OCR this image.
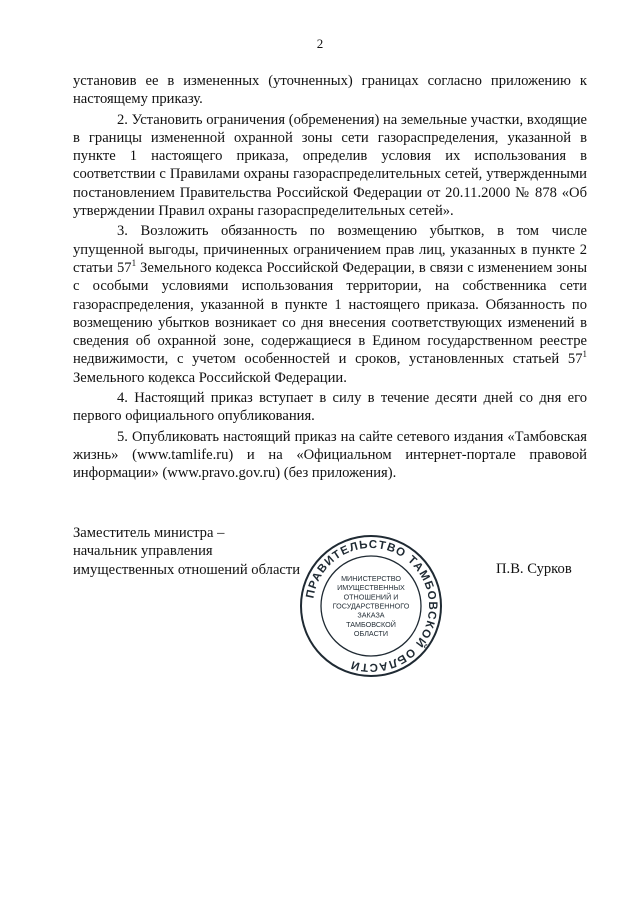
2

установив ее в измененных (уточненных) границах согласно приложению к настоящему приказу.

2. Установить ограничения (обременения) на земельные участки, входящие в границы измененной охранной зоны сети газораспределения, указанной в пункте 1 настоящего приказа, определив условия их использования в соответствии с Правилами охраны газораспределительных сетей, утвержденными постановлением Правительства Российской Федерации от 20.11.2000 № 878 «Об утверждении Правил охраны газораспределительных сетей».

3. Возложить обязанность по возмещению убытков, в том числе упущенной выгоды, причиненных ограничением прав лиц, указанных в пункте 2 статьи $57^1$ Земельного кодекса Российской Федерации, в связи с изменением зоны с особыми условиями использования территории, на собственника сети газораспределения, указанной в пункте 1 настоящего приказа. Обязанность по возмещению убытков возникает со дня внесения соответствующих изменений в сведения об охранной зоне, содержащиеся в Едином государственном реестре недвижимости, с учетом особенностей и сроков, установленных статьей $57^1$ Земельного кодекса Российской Федерации.

4. Настоящий приказ вступает в силу в течение десяти дней со дня его первого официального опубликования.

5. Опубликовать настоящий приказ на сайте сетевого издания «Тамбовская жизнь» (www.tamlife.ru) и на «Официальном интернет-портале правовой информации» (www.pravo.gov.ru) (без приложения).

Заместитель министра –
начальник управления
имущественных отношений области	П.В. Сурков
ПРАВИТЕЛЬСТВО ТАМБОВСКОЙ ОБЛАСТИ
МИНИСТЕРСТВО
ИМУЩЕСТВЕННЫХ
ОТНОШЕНИЙ И
ГОСУДАРСТВЕННОГО
ЗАКАЗА
ТАМБОВСКОЙ
ОБЛАСТИ
